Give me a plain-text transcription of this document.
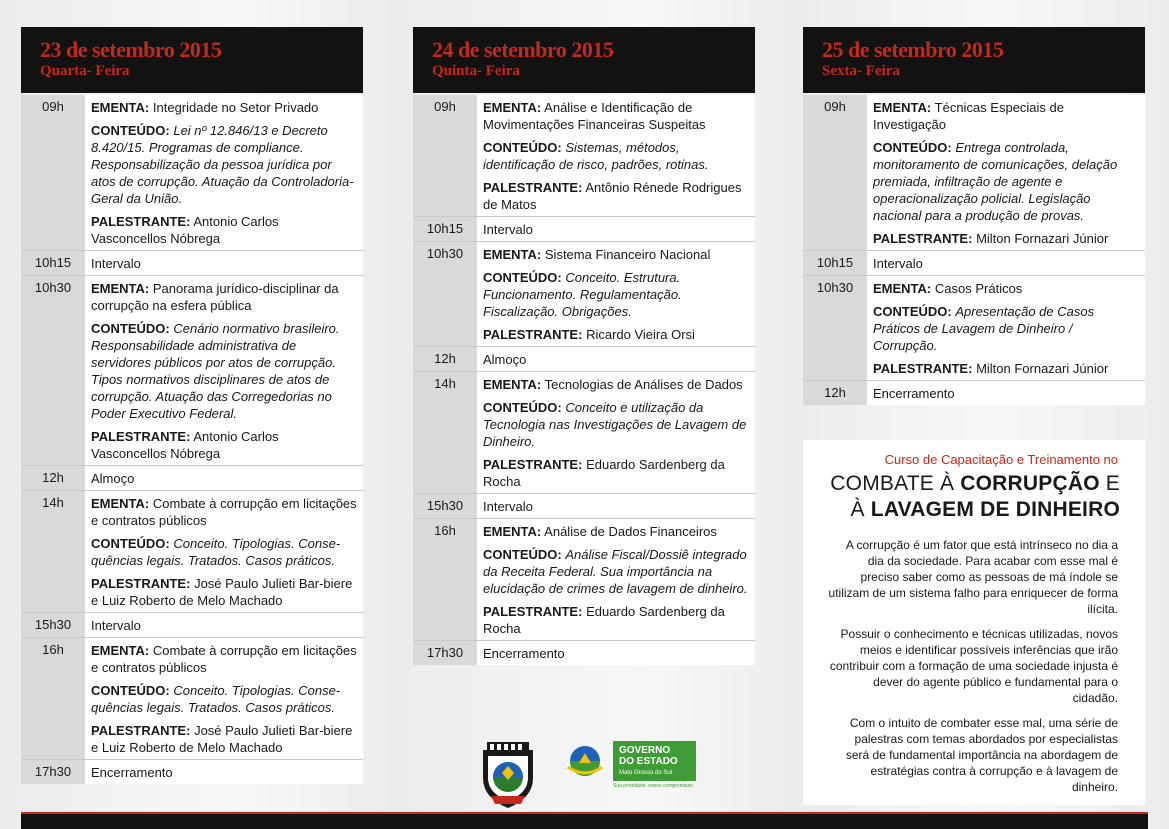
23 de setembro 2015
Quarta- Feira
09h	EMENTA: Integridade no Setor Privado
CONTEÚDO: Lei nº 12.846/13 e Decreto 8.420/15. Programas de compliance. Responsabilização da pessoa jurídica por atos de corrupção. Atuação da Controladoria-Geral da União.
PALESTRANTE: Antonio Carlos Vasconcellos Nóbrega
10h15	Intervalo
10h30	EMENTA: Panorama jurídico-disciplinar da corrupção na esfera pública
CONTEÚDO: Cenário normativo brasileiro. Responsabilidade administrativa de servidores públicos por atos de corrupção. Tipos normativos disciplinares de atos de corrupção. Atuação das Corregedorias no Poder Executivo Federal.
PALESTRANTE: Antonio Carlos Vasconcellos Nóbrega
12h	Almoço
14h	EMENTA: Combate à corrupção em licitações e contratos públicos
CONTEÚDO: Conceito. Tipologias. Conse-quências legais. Tratados. Casos práticos.
PALESTRANTE: José Paulo Julieti Bar-biere e Luiz Roberto de Melo Machado
15h30	Intervalo
16h	EMENTA: Combate à corrupção em licitações e contratos públicos
CONTEÚDO: Conceito. Tipologias. Conse-quências legais. Tratados. Casos práticos.
PALESTRANTE: José Paulo Julieti Bar-biere e Luiz Roberto de Melo Machado
17h30	Encerramento
24 de setembro 2015
Quinta- Feira
09h	EMENTA: Análise e Identificação de Movimentações Financeiras Suspeitas
CONTEÚDO: Sistemas, métodos, identificação de risco, padrões, rotinas.
PALESTRANTE: Antônio Rénede Rodrigues de Matos
10h15	Intervalo
10h30	EMENTA: Sistema Financeiro Nacional
CONTEÚDO: Conceito. Estrutura. Funcionamento. Regulamentação. Fiscalização. Obrigações.
PALESTRANTE: Ricardo Vieira Orsi
12h	Almoço
14h	EMENTA: Tecnologias de Análises de Dados
CONTEÚDO: Conceito e utilização da Tecnologia nas Investigações de Lavagem de Dinheiro.
PALESTRANTE: Eduardo Sardenberg da Rocha
15h30	Intervalo
16h	EMENTA: Análise de Dados Financeiros
CONTEÚDO: Análise Fiscal/Dossiê integrado da Receita Federal. Sua importância na elucidação de crimes de lavagem de dinheiro.
PALESTRANTE: Eduardo Sardenberg da Rocha
17h30	Encerramento
25 de setembro 2015
Sexta- Feira
09h	EMENTA: Técnicas Especiais de Investigação
CONTEÚDO: Entrega controlada, monitoramento de comunicações, delação premiada, infiltração de agente e operacionalização policial. Legislação nacional para a produção de provas.
PALESTRANTE: Milton Fornazari Júnior
10h15	Intervalo
10h30	EMENTA: Casos Práticos
CONTEÚDO: Apresentação de Casos Práticos de Lavagem de Dinheiro / Corrupção.
PALESTRANTE: Milton Fornazari Júnior
12h	Encerramento
Curso de Capacitação e Treinamento no
COMBATE À CORRUPÇÃO E
À LAVAGEM DE DINHEIRO

A corrupção é um fator que está intrínseco no dia a dia da sociedade. Para acabar com esse mal é preciso saber como as pessoas de má índole se utilizam de um sistema falho para enriquecer de forma ilícita.

Possuir o conhecimento e técnicas utilizadas, novos meios e identificar possíveis inferências que irão contribuir com a formação de uma sociedade injusta é dever do agente público e fundamental para o cidadão.

Com o intuito de combater esse mal, uma série de palestras com temas abordados por especialistas será de fundamental importância na abordagem de estratégias contra à corrupção e à lavagem de dinheiro.

GOVERNO
DO ESTADO
Mato Grosso do Sul
Sua prioridade, nosso compromisso
